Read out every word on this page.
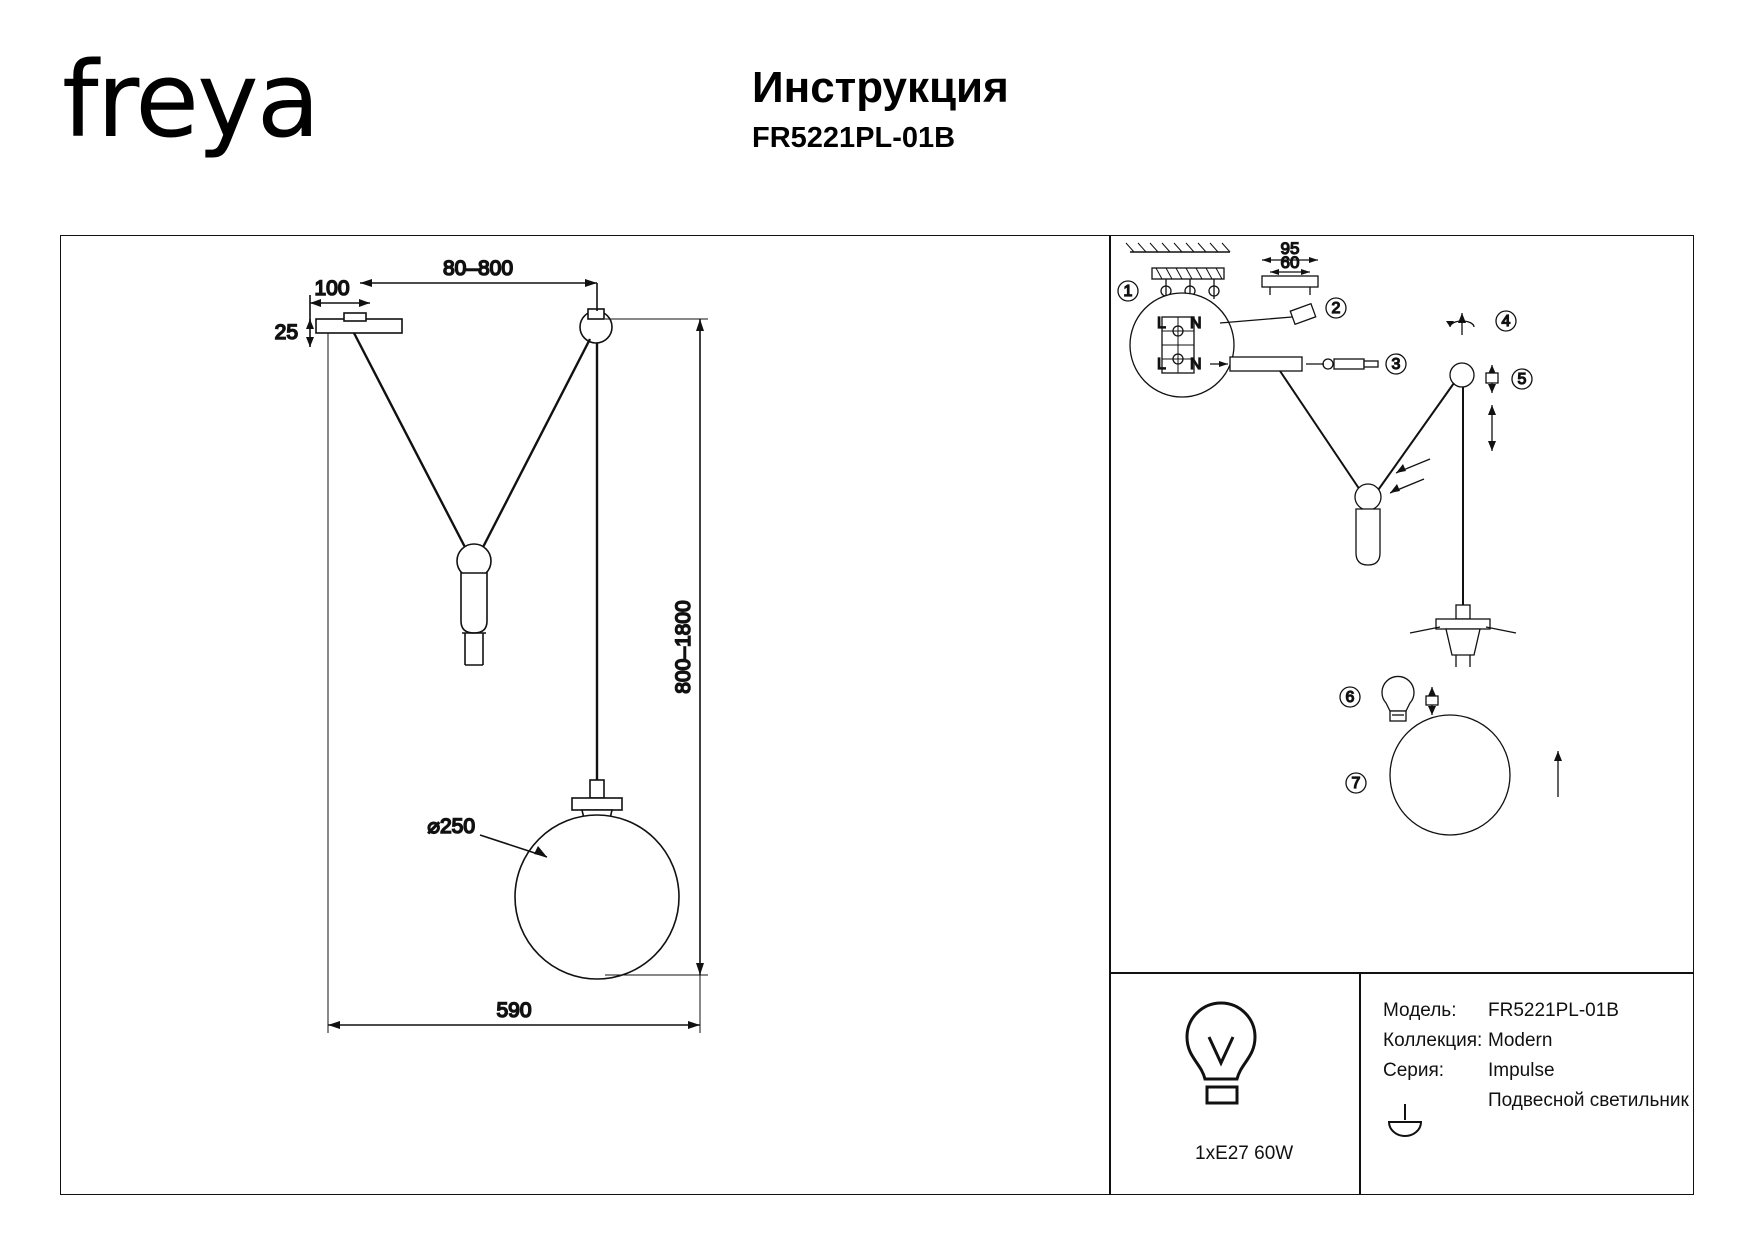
freya	Инструкция
FR5221PL-01B
80–800
100
25
800–1800
⌀250
590
1
95
60
L N
L N
2
3
4
5
6
7
1xE27 60W
Модель:	FR5221PL-01B
Коллекция: Modern
Серия:	Impulse
Подвесной светильник
